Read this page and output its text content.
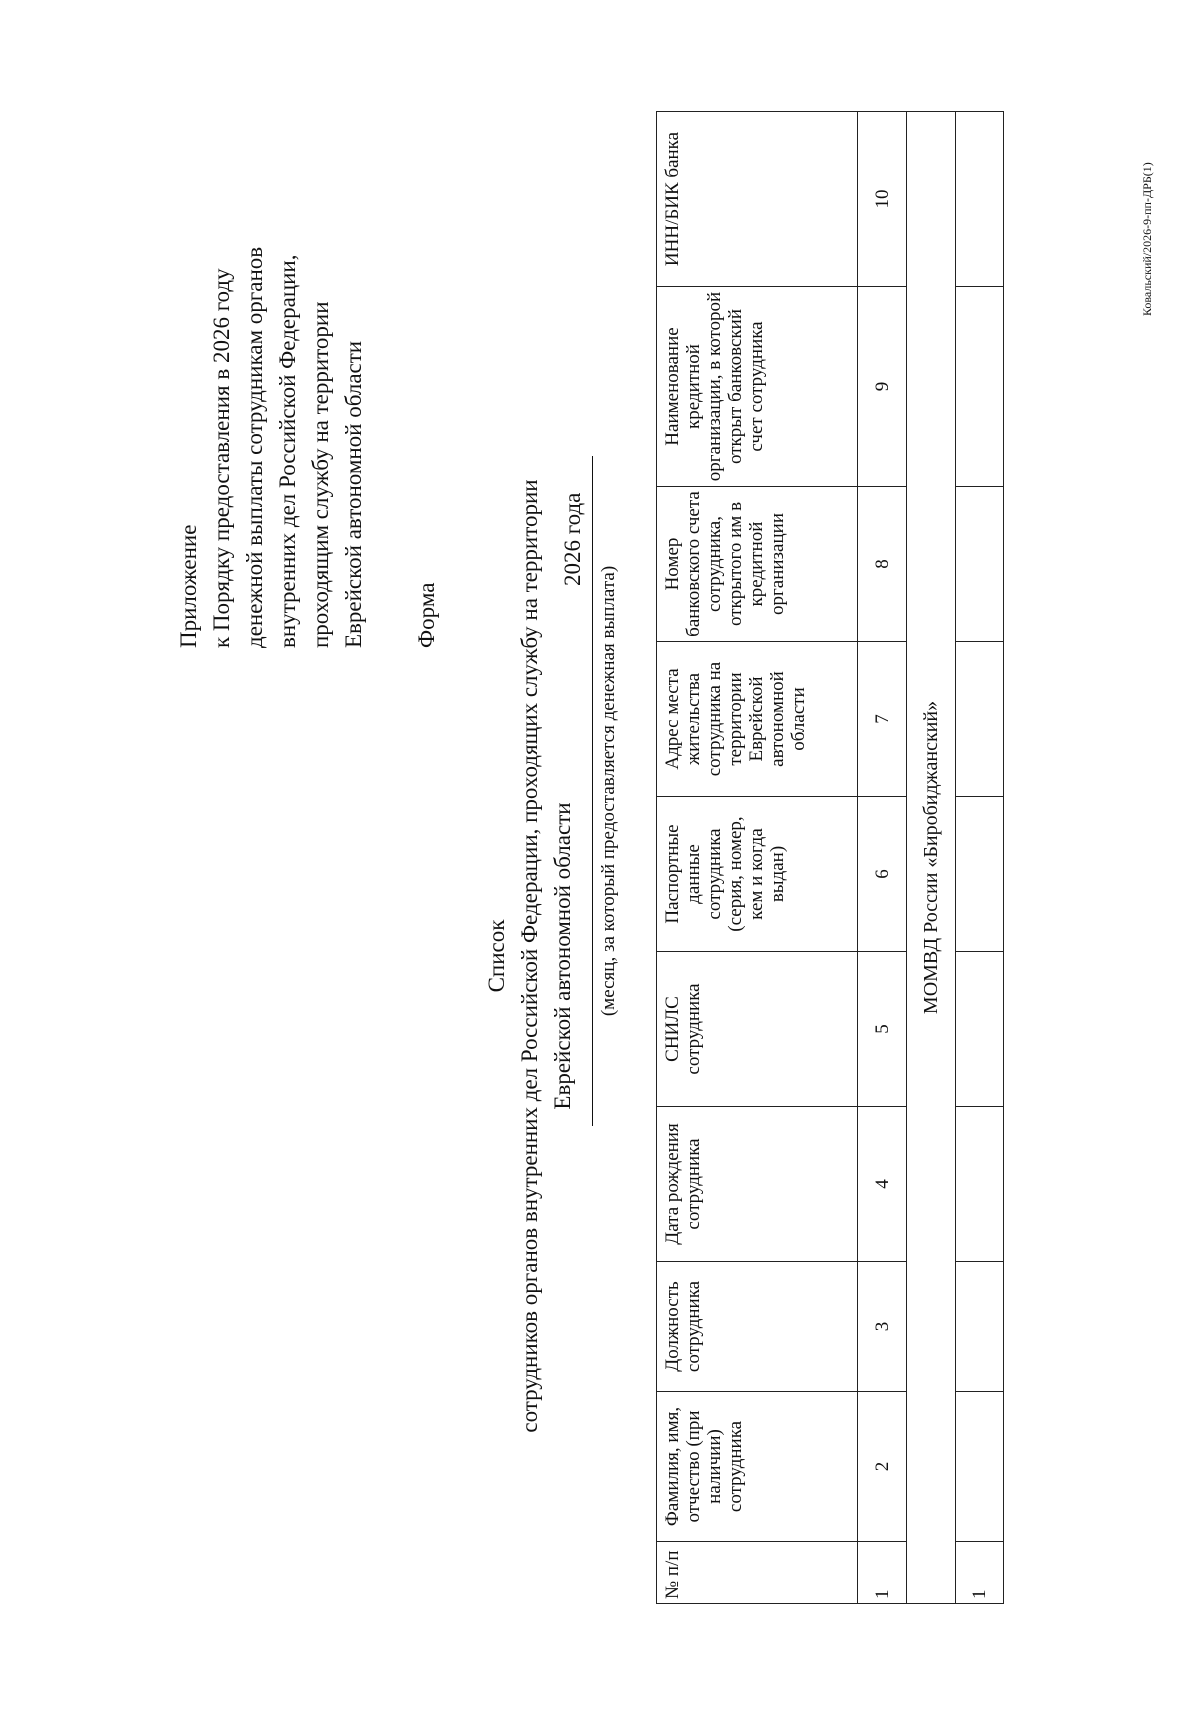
Приложение к Порядку предоставления в 2026 году денежной выплаты сотрудникам органов внутренних дел Российской Федерации, проходящим службу на территории Еврейской автономной области Форма
Список сотрудников органов внутренних дел Российской Федерации, проходящих службу на территории Еврейской автономной области
2026 года
(месяц, за который предоставляется денежная выплата)
№ п/п	Фамилия, имя, отчество (при наличии) сотрудника	Должность сотрудника	Дата рождения сотрудника	СНИЛС сотрудника	Паспортные данные сотрудника (серия, номер, кем и когда выдан)	Адрес места жительства сотрудника на территории Еврейской автономной области	Номер банковского счета сотрудника, открытого им в кредитной организации	Наименование кредитной организации, в которой открыт банковский счет сотрудника	ИНН/БИК банка
1	2	3	4	5	6	7	8	9	10
МОМВД России «Биробиджанский»									
1									
Ковальский/2026-9-пп-ДРБ(1)
